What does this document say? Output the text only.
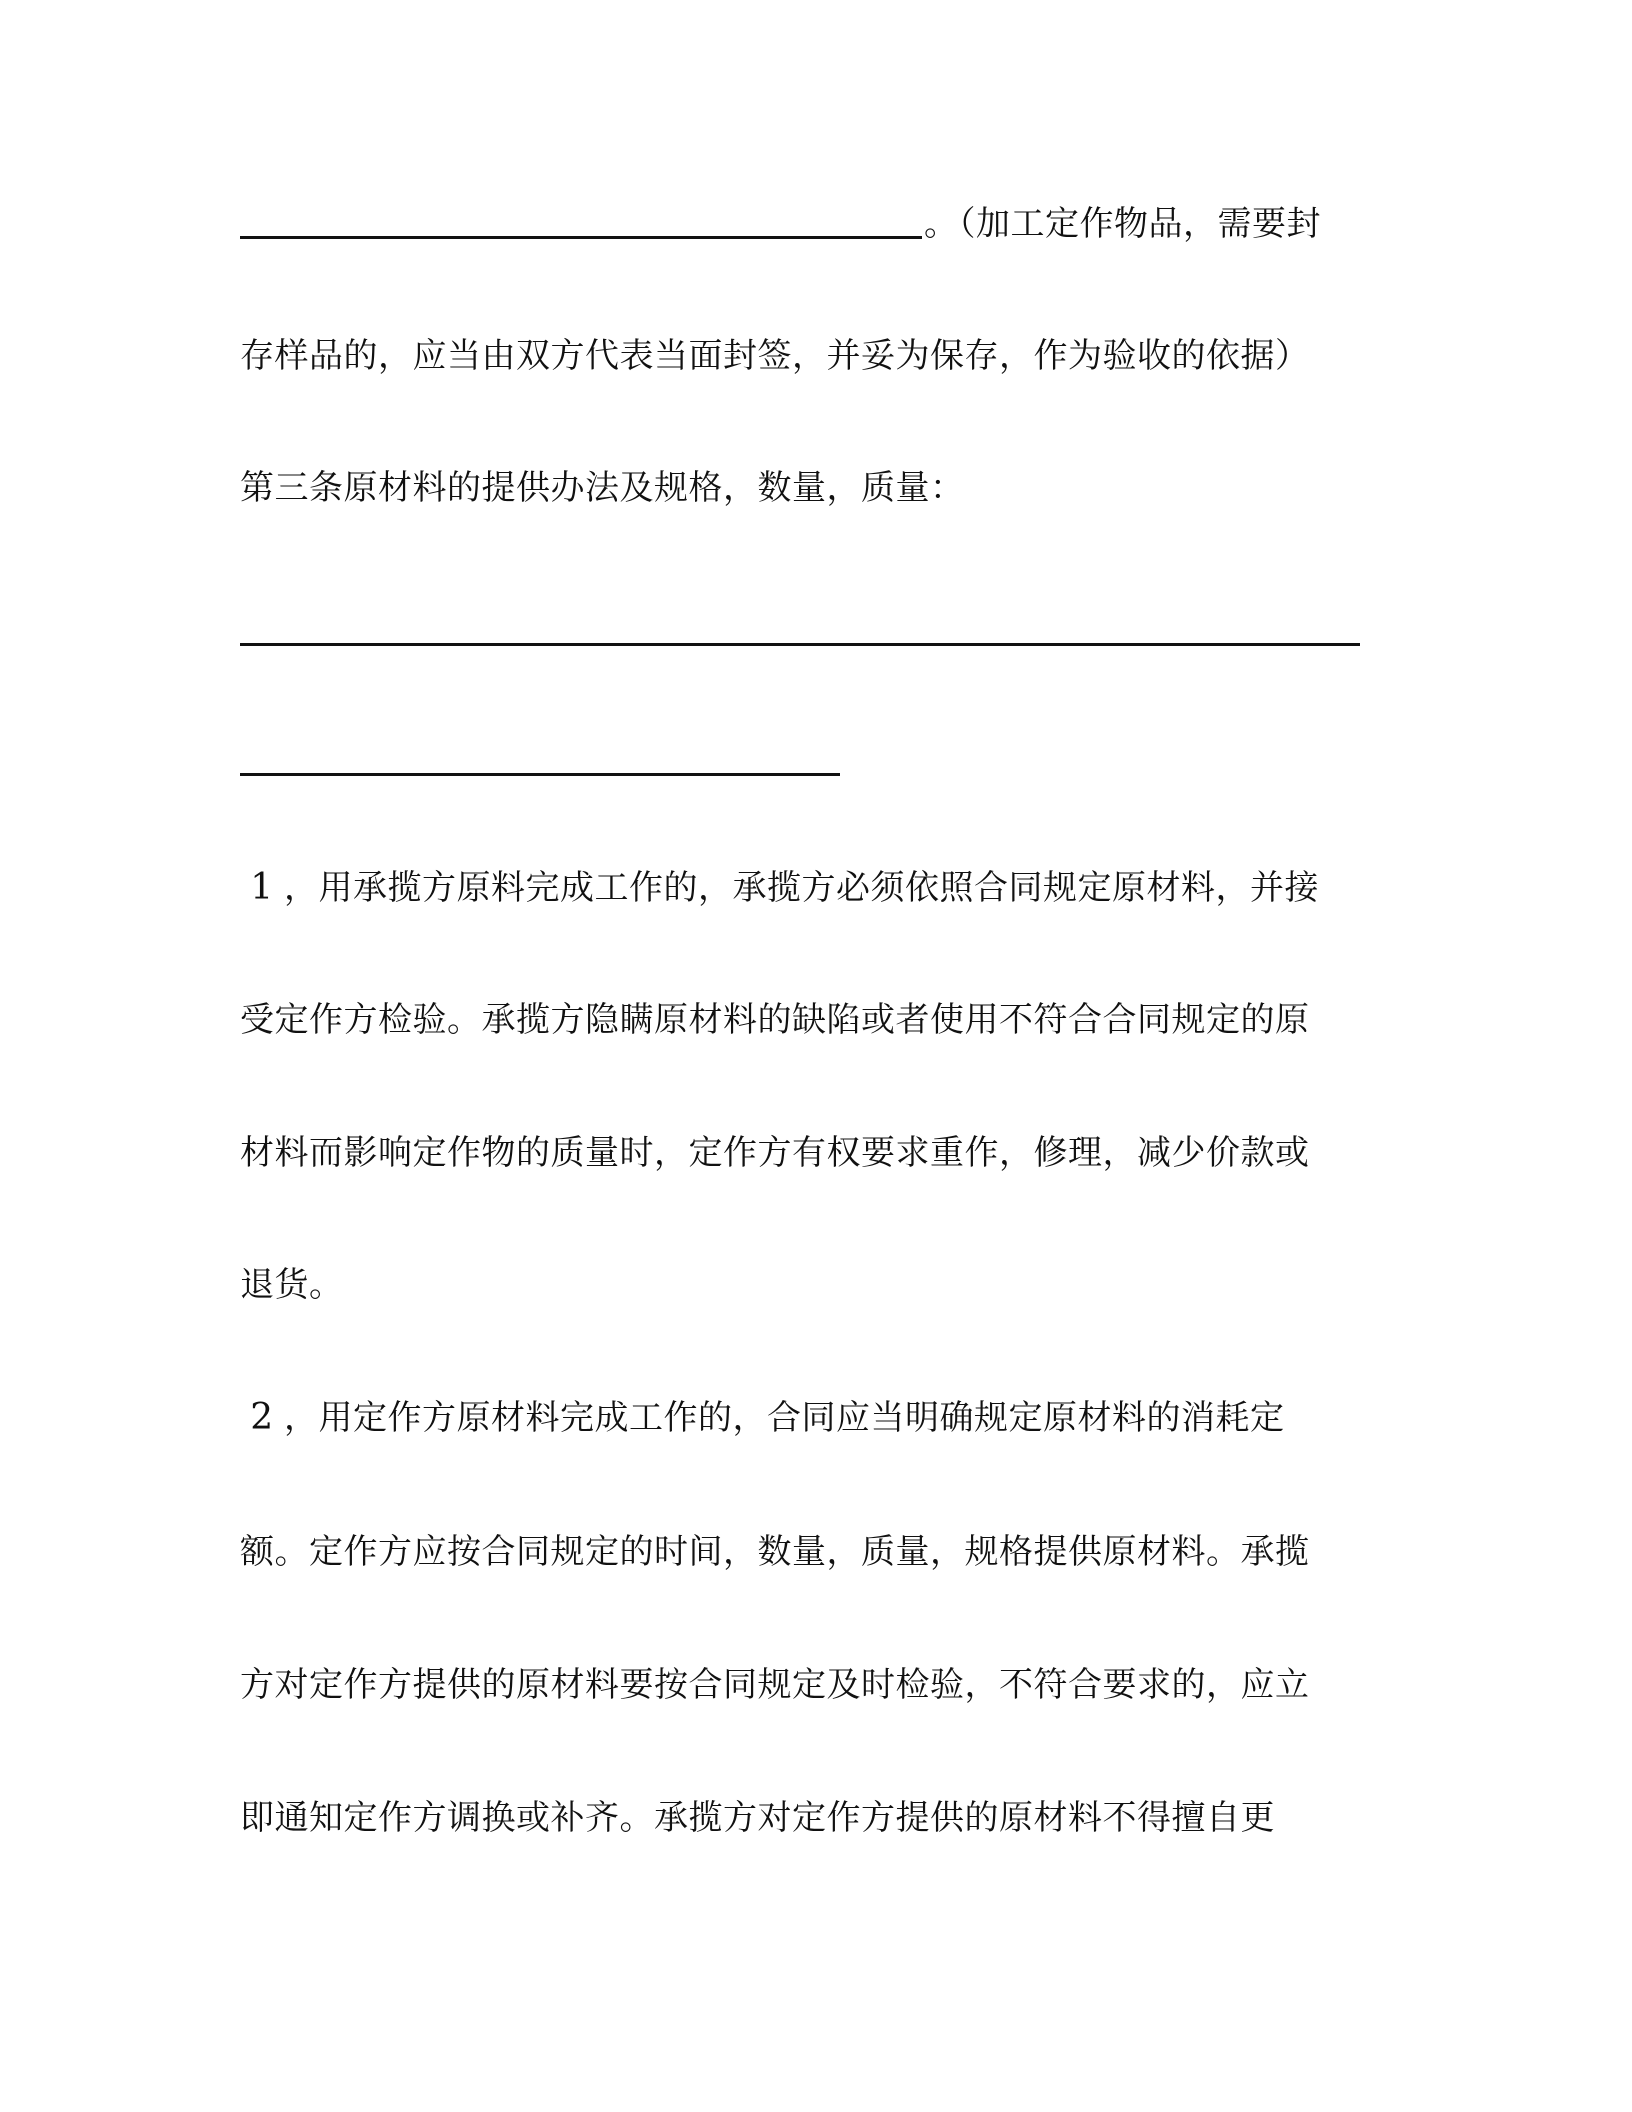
。（加工定作物品，需要封

存样品的，应当由双方代表当面封签，并妥为保存，作为验收的依据）

第三条原材料的提供办法及规格，数量，质量：

1 ，用承揽方原料完成工作的，承揽方必须依照合同规定原材料，并接

受定作方检验。承揽方隐瞒原材料的缺陷或者使用不符合合同规定的原

材料而影响定作物的质量时，定作方有权要求重作，修理，减少价款或

退货。

2 ，用定作方原材料完成工作的，合同应当明确规定原材料的消耗定

额。定作方应按合同规定的时间，数量，质量，规格提供原材料。承揽

方对定作方提供的原材料要按合同规定及时检验，不符合要求的，应立

即通知定作方调换或补齐。承揽方对定作方提供的原材料不得擅自更
